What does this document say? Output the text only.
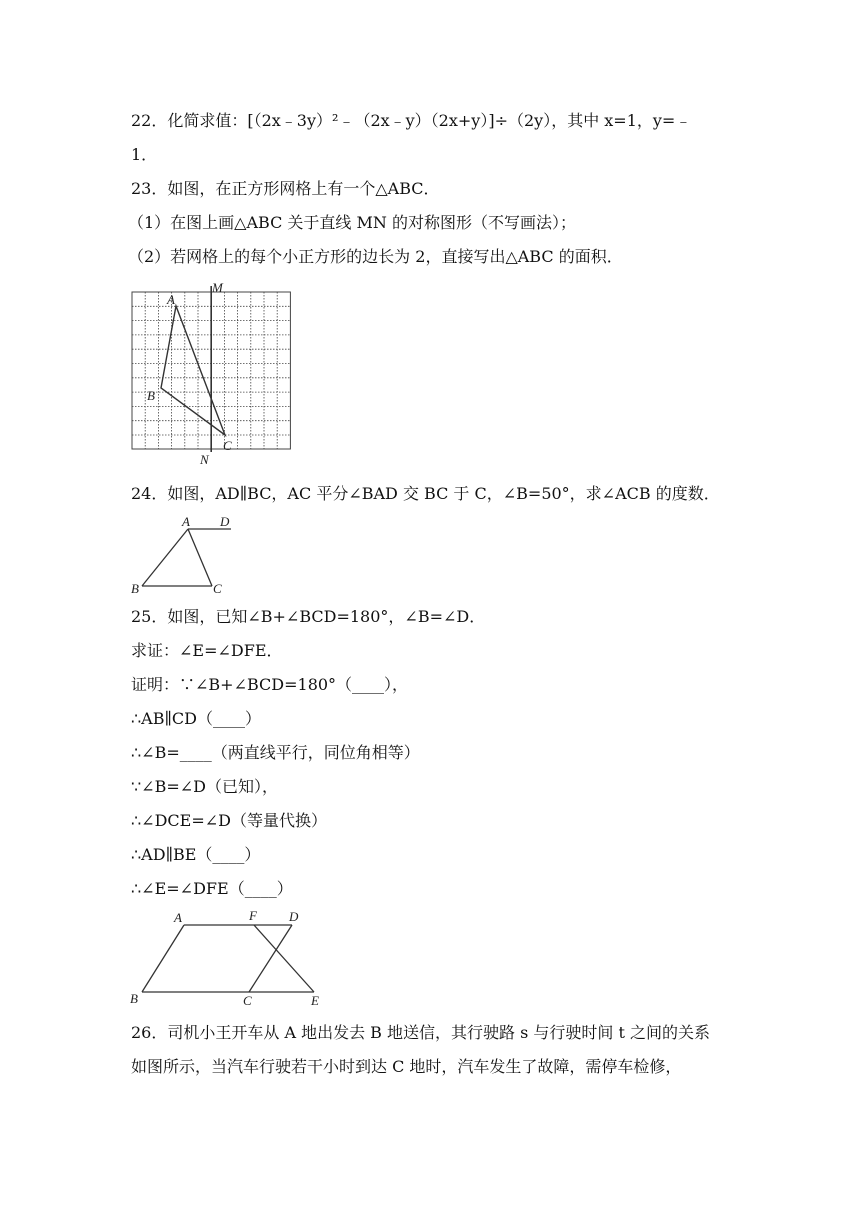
22．化简求值：[（2x﹣3y）²﹣（2x﹣y）（2x+y）]÷（2y），其中 x=1，y=﹣
1．
23．如图，在正方形网格上有一个△ABC．
（1）在图上画△ABC 关于直线 MN 的对称图形（不写画法）；
（2）若网格上的每个小正方形的边长为 2，直接写出△ABC 的面积．
A
B
C
M
N
24．如图，AD∥BC，AC 平分∠BAD 交 BC 于 C，∠B=50°，求∠ACB 的度数．
A D
B	C
25．如图，已知∠B+∠BCD=180°，∠B=∠D．
求证：∠E=∠DFE．
证明：∵∠B+∠BCD=180°（____），
∴AB∥CD（____）
∴∠B=____（两直线平行，同位角相等）
∵∠B=∠D（已知），
∴∠DCE=∠D（等量代换）
∴AD∥BE（____）
∴∠E=∠DFE（____）
A	F D
B	C	E
26．司机小王开车从 A 地出发去 B 地送信，其行驶路 s 与行驶时间 t 之间的关系
如图所示，当汽车行驶若干小时到达 C 地时，汽车发生了故障，需停车检修，
